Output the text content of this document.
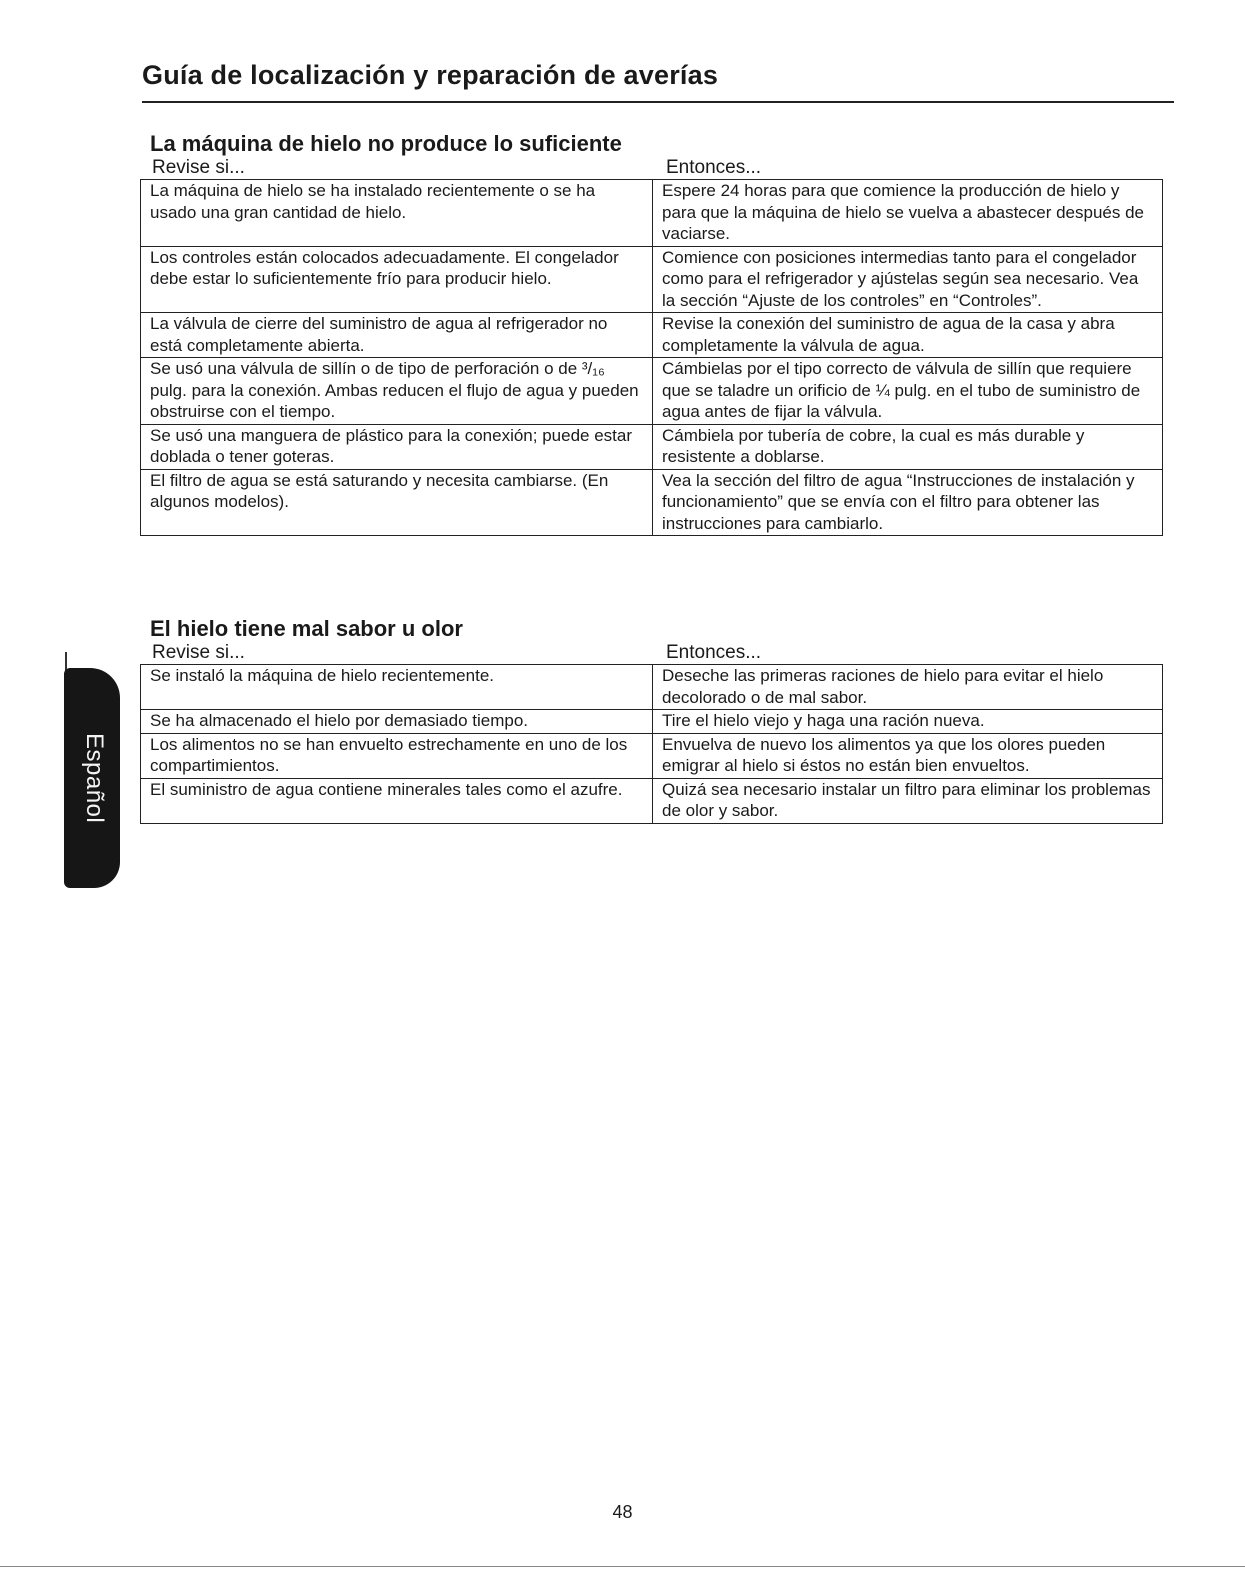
Guía de localización y reparación de averías
Español
La máquina de hielo no produce lo suficiente
Revise si...	Entonces...
La máquina de hielo se ha instalado recientemente o se ha usado una gran cantidad de hielo.	Espere 24 horas para que comience la producción de hielo y para que la máquina de hielo se vuelva a abastecer después de vaciarse.
Los controles están colocados adecuadamente. El congelador debe estar lo suficientemente frío para producir hielo.	Comience con posiciones intermedias tanto para el congelador como para el refrigerador y ajústelas según sea necesario. Vea la sección “Ajuste de los controles” en “Controles”.
La válvula de cierre del suministro de agua al refrigerador no está completamente abierta.	Revise la conexión del suministro de agua de la casa y abra completamente la válvula de agua.
Se usó una válvula de sillín o de tipo de perforación o de ³/₁₆ pulg. para la conexión. Ambas reducen el flujo de agua y pueden obstruirse con el tiempo.	Cámbielas por el tipo correcto de válvula de sillín que requiere que se taladre un orificio de ¼ pulg. en el tubo de suministro de agua antes de fijar la válvula.
Se usó una manguera de plástico para la conexión; puede estar doblada o tener goteras.	Cámbiela por tubería de cobre, la cual es más durable y resistente a doblarse.
El filtro de agua se está saturando y necesita cambiarse. (En algunos modelos).	Vea la sección del filtro de agua “Instrucciones de instalación y funcionamiento” que se envía con el filtro para obtener las instrucciones para cambiarlo.
El hielo tiene mal sabor u olor
Revise si...	Entonces...
Se instaló la máquina de hielo recientemente.	Deseche las primeras raciones de hielo para evitar el hielo decolorado o de mal sabor.
Se ha almacenado el hielo por demasiado tiempo.	Tire el hielo viejo y haga una ración nueva.
Los alimentos no se han envuelto estrechamente en uno de los compartimientos.	Envuelva de nuevo los alimentos ya que los olores pueden emigrar al hielo si éstos no están bien envueltos.
El suministro de agua contiene minerales tales como el azufre.	Quizá sea necesario instalar un filtro para eliminar los problemas de olor y sabor.
48
